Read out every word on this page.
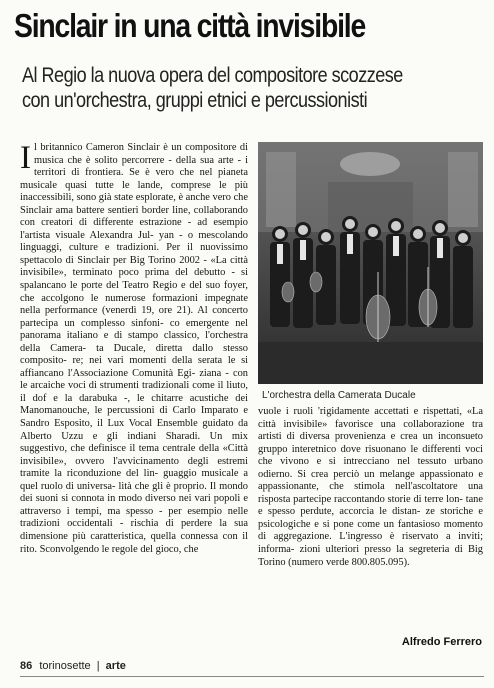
Sinclair in una città invisibile
Al Regio la nuova opera del compositore scozzese
con un'orchestra, gruppi etnici e percussionisti
I l britannico Cameron Sinclair è un compositore di musica che è solito percorrere - della sua arte - i territori di frontiera. Se è vero che nel pianeta musicale quasi tutte le lande, comprese le più inaccessibili, sono già state esplorate, è anche vero che Sinclair ama battere sentieri border line, collaborando con creatori di differente estrazione - ad esempio l'artista visuale Alexandra Jul- yan - o mescolando linguaggi, culture e tradizioni. Per il nuovissimo spettacolo di Sinclair per Big Torino 2002 - «La città invisibile», terminato poco prima del debutto - si spalancano le porte del Teatro Regio e del suo foyer, che accolgono le numerose formazioni impegnate nella performance (venerdì 19, ore 21). Al concerto partecipa un complesso sinfoni- co emergente nel panorama italiano e di stampo classico, l'orchestra della Camera- ta Ducale, diretta dallo stesso composito- re; nei vari momenti della serata le si affiancano l'Associazione Comunità Egi- ziana - con le arcaiche voci di strumenti tradizionali come il liuto, il dof e la darabuka -, le chitarre acustiche dei Manomanouche, le percussioni di Carlo Imparato e Sandro Esposito, il Lux Vocal Ensemble guidato da Alberto Uzzu e gli indiani Sharadi. Un mix suggestivo, che definisce il tema centrale della «Città invisibile», ovvero l'avvicinamento degli estremi tramite la riconduzione del lin- guaggio musicale a quel ruolo di universa- lità che gli è proprio. Il mondo dei suoni si connota in modo diverso nei vari popoli e attraverso i tempi, ma spesso - per esempio nelle tradizioni occidentali - rischia di perdere la sua dimensione più caratteristica, quella connessa con il rito. Sconvolgendo le regole del gioco, che
L'orchestra della Camerata Ducale
vuole i ruoli 'rigidamente accettati e rispettati, «La città invisibile» favorisce una collaborazione tra artisti di diversa provenienza e crea un inconsueto gruppo interetnico dove risuonano le differenti voci che vivono e si intrecciano nel tessuto urbano odierno. Si crea perciò un melange appassionato e appassionante, che stimola nell'ascoltatore una risposta partecipe raccontando storie di terre lon- tane e spesso perdute, accorcia le distan- ze storiche e psicologiche e si pone come un fantasioso momento di aggregazione. L'ingresso è riservato a inviti; informa- zioni ulteriori presso la segreteria di Big Torino (numero verde 800.805.095).
Alfredo Ferrero
86 torinosette | arte
